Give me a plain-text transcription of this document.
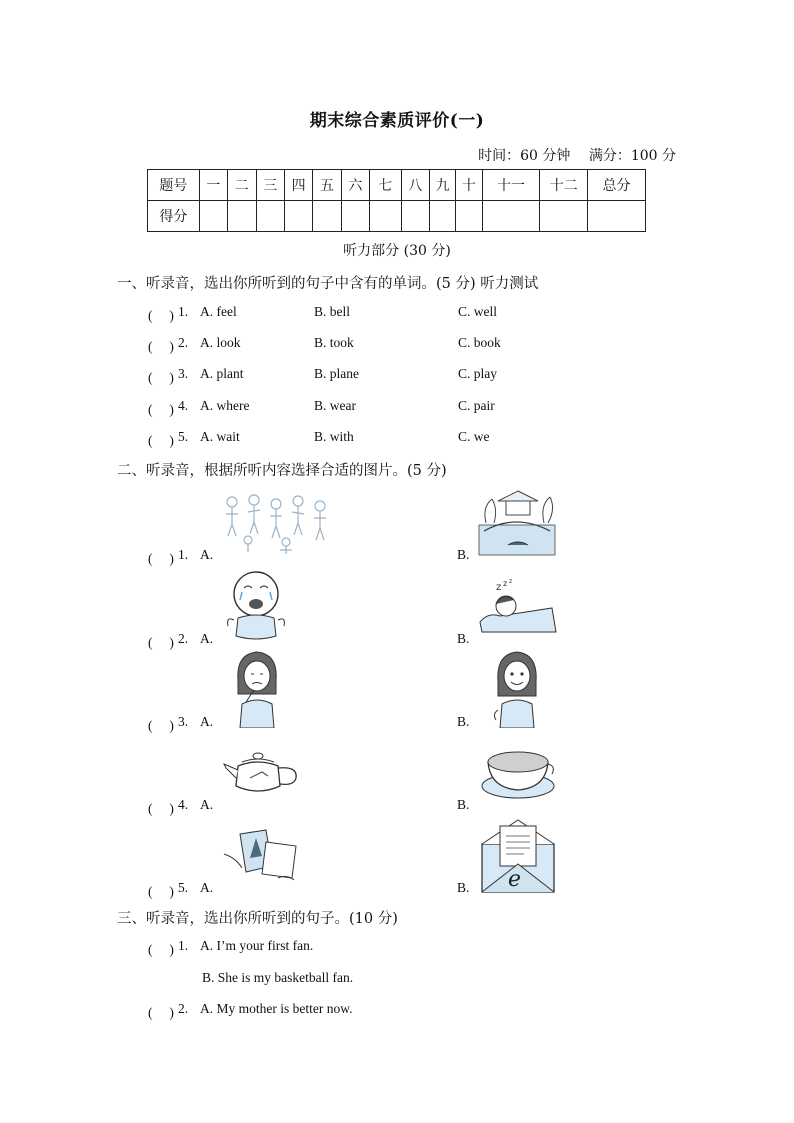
期末综合素质评价(一)
时间：60 分钟 满分：100 分
题号	一	二	三	四	五	六	七	八	九	十	十一	十二	总分
得分													
听力部分 (30 分)
一、听录音，选出你所听到的句子中含有的单词。(5 分) 听力测试
(　 ) 1. A. feel	B. bell	C. well
(　 ) 2. A. look	B. took	C. book
(　 ) 3. A. plant	B. plane	C. play
(　 ) 4. A. where	B. wear	C. pair
(　 ) 5. A. wait	B. with	C. we
二、听录音，根据所听内容选择合适的图片。(5 分)
(　 ) 1. A.	B.
(　 ) 2. A.	B.
z z z
(　 ) 3. A.	B.
(　 ) 4. A.	B.
(　 ) 5. A.	B. e
三、听录音，选出你所听到的句子。(10 分)
(　 ) 1. A. I’m your first fan.
B. She is my basketball fan.
(　 ) 2. A. My mother is better now.
